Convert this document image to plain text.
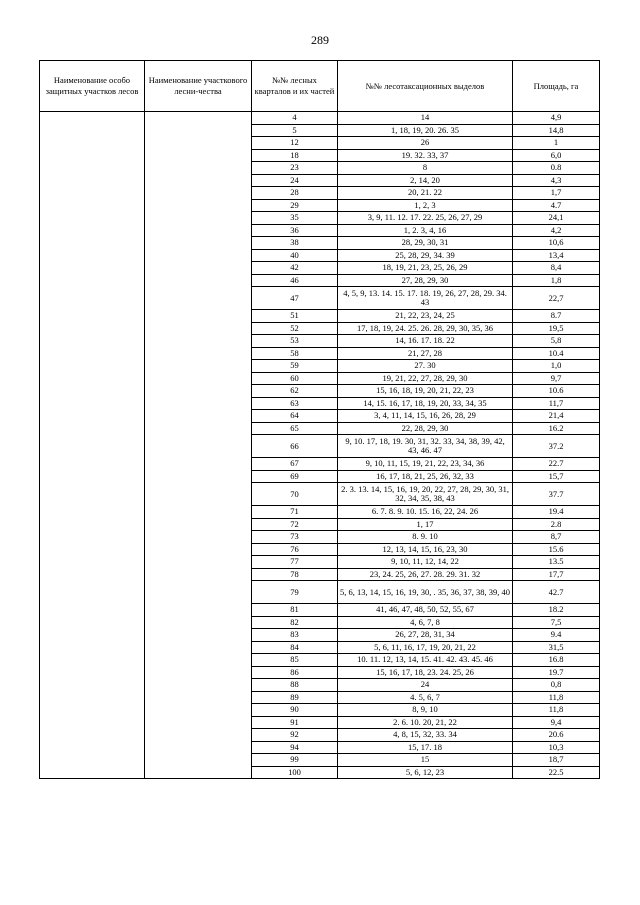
289
Наименование особо защитных участков лесов	Наименование участкового лесни-чества	№№ лесных кварталов и их частей	№№ лесотаксационных выделов	Площадь, га
		4	14	4,9
		5	1, 18, 19, 20. 26. 35	14,8
		12	26	1
		18	19. 32. 33, 37	6,0
		23	8	0.8
		24	2, 14, 20	4,3
		28	20, 21. 22	1,7
		29	1, 2, 3	4.7
		35	3, 9, 11. 12. 17. 22. 25, 26, 27, 29	24,1
		36	1, 2. 3, 4, 16	4,2
		38	28, 29, 30, 31	10,6
		40	25, 28, 29, 34. 39	13,4
		42	18, 19, 21, 23, 25, 26, 29	8,4
		46	27, 28, 29, 30	1,8
		47	4, 5, 9, 13. 14. 15. 17. 18. 19, 26, 27, 28, 29. 34. 43	22,7
		51	21, 22, 23, 24, 25	8.7
		52	17, 18, 19, 24. 25. 26. 28, 29, 30, 35, 36	19,5
		53	14, 16. 17. 18. 22	5,8
		58	21, 27, 28	10.4
		59	27. 30	1,0
		60	19, 21, 22, 27, 28, 29, 30	9,7
		62	15, 16, 18, 19, 20, 21, 22, 23	10.6
		63	14, 15. 16, 17, 18, 19, 20, 33, 34, 35	11,7
		64	3, 4, 11, 14, 15, 16, 26, 28, 29	21,4
		65	22, 28, 29, 30	16.2
		66	9, 10. 17, 18, 19. 30, 31, 32. 33, 34, 38, 39, 42, 43, 46. 47	37.2
		67	9, 10, 11, 15, 19, 21, 22, 23, 34, 36	22.7
		69	16, 17, 18, 21, 25, 26, 32, 33	15,7
		70	2. 3. 13. 14, 15, 16, 19, 20, 22, 27, 28, 29, 30, 31, 32, 34, 35, 38, 43	37.7
		71	6. 7. 8. 9. 10. 15. 16, 22, 24. 26	19.4
		72	1, 17	2.8
		73	8. 9. 10	8,7
		76	12, 13, 14, 15, 16, 23, 30	15.6
		77	9, 10, 11, 12, 14, 22	13.5
		78	23, 24. 25, 26, 27. 28. 29. 31. 32	17,7
		79	5, 6, 13, 14, 15, 16, 19, 30, . 35, 36, 37, 38, 39, 40	42.7
		81	41, 46, 47, 48, 50, 52, 55, 67	18.2
		82	4, 6, 7, 8	7,5
		83	26, 27, 28, 31, 34	9.4
		84	5, 6, 11, 16, 17, 19, 20, 21, 22	31,5
		85	10. 11. 12, 13, 14, 15. 41. 42. 43. 45. 46	16.8
		86	15, 16, 17, 18, 23. 24. 25, 26	19.7
		88	24	0,8
		89	4. 5, 6, 7	11,8
		90	8, 9, 10	11,8
		91	2. 6. 10. 20, 21, 22	9,4
		92	4, 8, 15, 32, 33. 34	20.6
		94	15, 17. 18	10,3
		99	15	18,7
		100	5, 6, 12, 23	22.5
